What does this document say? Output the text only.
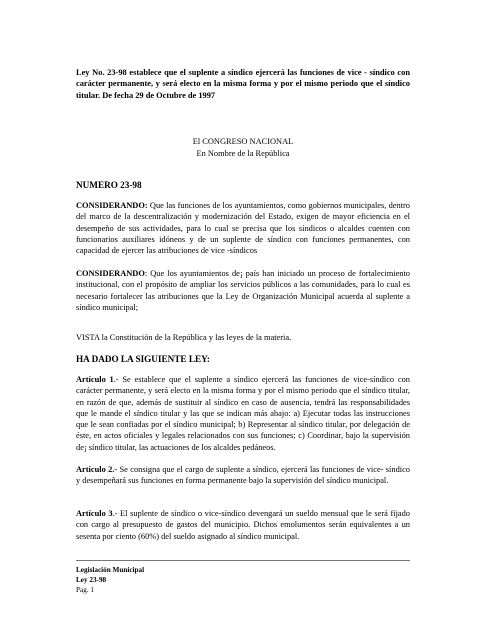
Ley No. 23-98 establece que el suplente a síndico ejercerá las funciones de vice - síndico con carácter permanente, y será electo en la misma forma y por el mismo periodo que el síndico titular. De fecha 29 de Octubre de 1997
El CONGRESO NACIONAL
En Nombre de la República
NUMERO 23-98
CONSIDERANDO: Que las funciones de los ayuntamientos, como gobiernos municipales, dentro del marco de la descentralización y modernización del Estado, exigen de mayor eficiencia en el desempeño de sus actividades, para lo cual se precisa que los síndicos o alcaldes cuenten con funcionarios auxiliares idóneos y de un suplente de síndico con funciones permanentes, con capacidad de ejercer las atribuciones de vice -síndicos
CONSIDERANDO: Que los ayuntamientos de¡ país han iniciado un proceso de fortalecimiento institucional, con el propósito de ampliar los servicios públicos a las comunidades, para lo cual es necesario fortalecer las atribuciones que la Ley de Organización Municipal acuerda al suplente a síndico municipal;
VISTA la Constitución de la República y las leyes de la materia.
HA DADO LA SIGUIENTE LEY:
Artículo 1.- Se establece que el suplente a síndico ejercerá las funciones de vice-síndico con carácter permanente, y será electo en la misma forma y por el mismo periodo que el síndico titular, en razón de que, además de sustituir al síndico en caso de ausencia, tendrá las responsabilidades que le mande el síndico titular y las que se indican más abajo: a) Ejecutar todas las instrucciones que le sean confiadas por el síndico municipal; b) Representar al síndico titular, por delegación de éste, en actos oficiales y legales relacionados con sus funciones; c) Coordinar, bajo la supervisión de¡ síndico titular, las actuaciones de los alcaldes pedáneos.
Artículo 2.- Se consigna que el cargo de suplente a síndico, ejercerá las funciones de vice- síndico y desempeñará sus funciones en forma permanente bajo la supervisión del síndico municipal.
Artículo 3.- El suplente de síndico o vice-síndico devengará un sueldo mensual que le será fijado con cargo al presupuesto de gastos del municipio. Dichos emolumentos serán equivalentes a un sesenta por ciento (60%) del sueldo asignado al síndico municipal.
Legislación Municipal
Ley 23-98
Pag. 1
